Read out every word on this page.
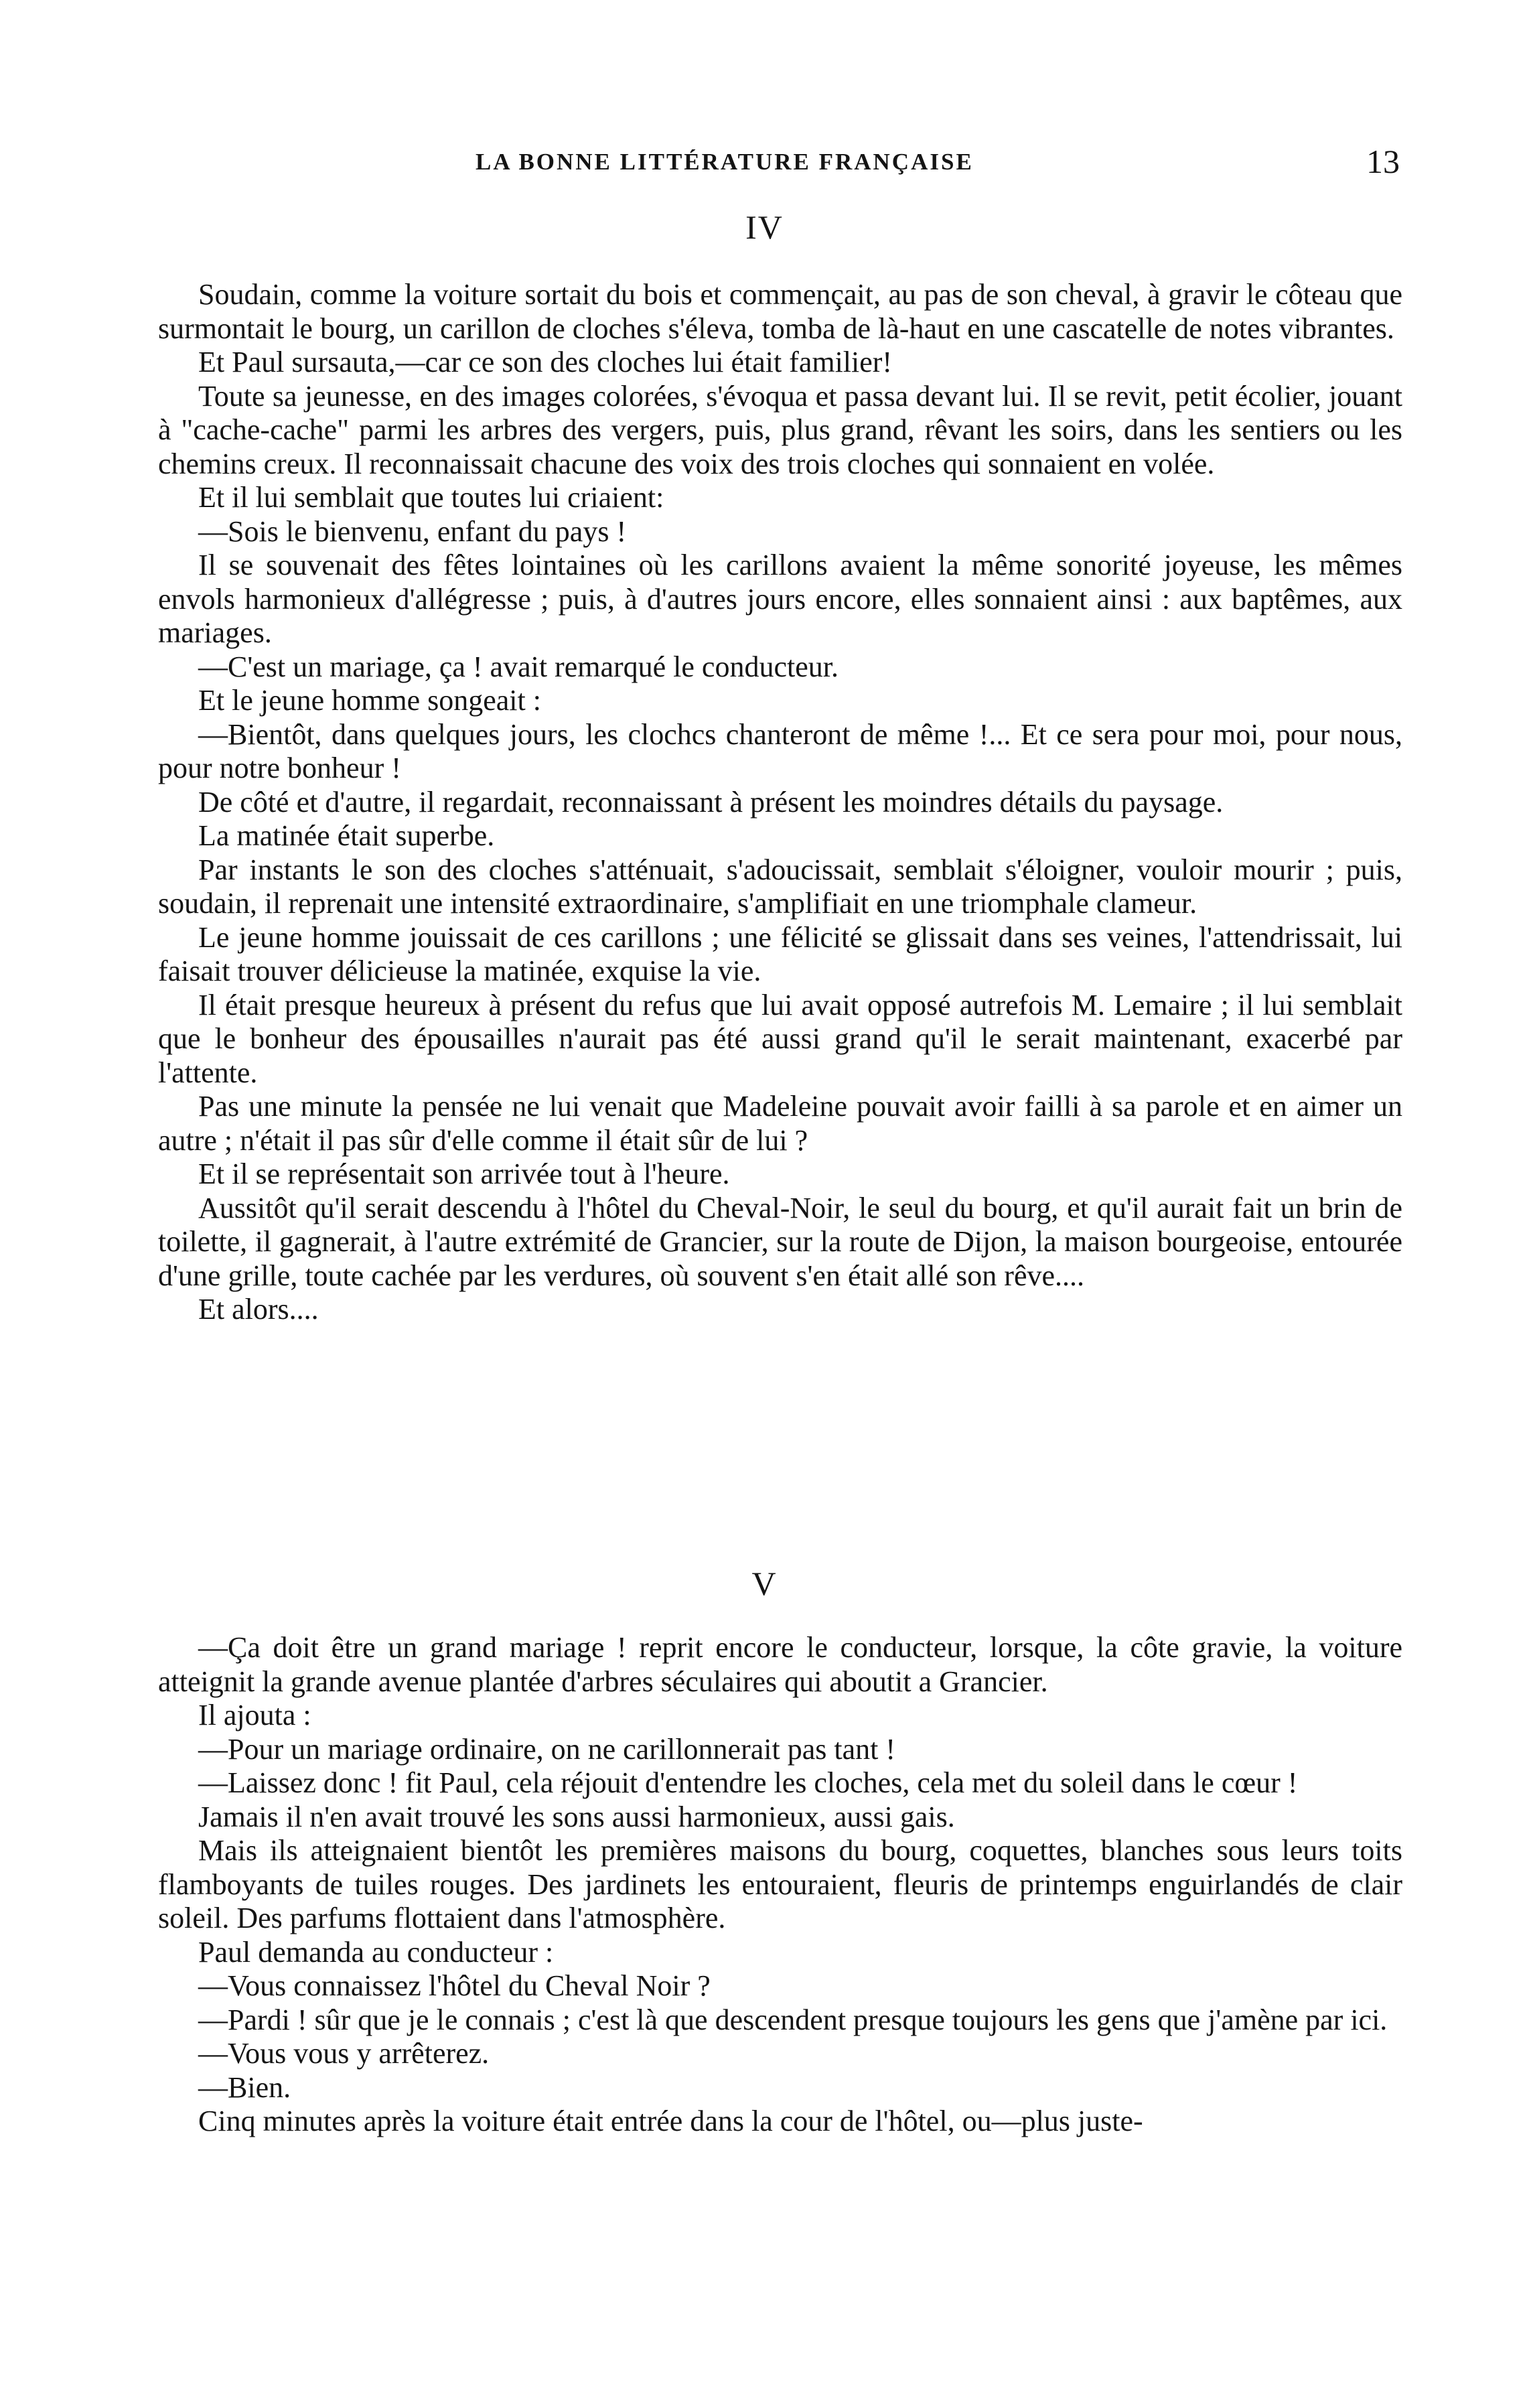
LA BONNE LITTÉRATURE FRANÇAISE	13
IV

Soudain, comme la voiture sortait du bois et commençait, au pas de son cheval, à gravir le côteau que surmontait le bourg, un carillon de cloches s'éleva, tomba de là-haut en une cascatelle de notes vibrantes.

Et Paul sursauta,—car ce son des cloches lui était familier!

Toute sa jeunesse, en des images colorées, s'évoqua et passa devant lui. Il se revit, petit écolier, jouant à "cache-cache" parmi les arbres des vergers, puis, plus grand, rêvant les soirs, dans les sentiers ou les chemins creux. Il reconnaissait chacune des voix des trois cloches qui sonnaient en volée.

Et il lui semblait que toutes lui criaient:

—Sois le bienvenu, enfant du pays !

Il se souvenait des fêtes lointaines où les carillons avaient la même sonorité joyeuse, les mêmes envols harmonieux d'allégresse ; puis, à d'autres jours encore, elles sonnaient ainsi : aux baptêmes, aux mariages.

—C'est un mariage, ça ! avait remarqué le conducteur.

Et le jeune homme songeait :

—Bientôt, dans quelques jours, les clochcs chanteront de même !... Et ce sera pour moi, pour nous, pour notre bonheur !

De côté et d'autre, il regardait, reconnaissant à présent les moindres détails du paysage.

La matinée était superbe.

Par instants le son des cloches s'atténuait, s'adoucissait, semblait s'éloigner, vouloir mourir ; puis, soudain, il reprenait une intensité extraordinaire, s'amplifiait en une triomphale clameur.

Le jeune homme jouissait de ces carillons ; une félicité se glissait dans ses veines, l'attendrissait, lui faisait trouver délicieuse la matinée, exquise la vie.

Il était presque heureux à présent du refus que lui avait opposé autrefois M. Lemaire ; il lui semblait que le bonheur des épousailles n'aurait pas été aussi grand qu'il le serait maintenant, exacerbé par l'attente.

Pas une minute la pensée ne lui venait que Madeleine pouvait avoir failli à sa parole et en aimer un autre ; n'était il pas sûr d'elle comme il était sûr de lui ?

Et il se représentait son arrivée tout à l'heure.

Aussitôt qu'il serait descendu à l'hôtel du Cheval-Noir, le seul du bourg, et qu'il aurait fait un brin de toilette, il gagnerait, à l'autre extrémité de Grancier, sur la route de Dijon, la maison bourgeoise, entourée d'une grille, toute cachée par les verdures, où souvent s'en était allé son rêve....

Et alors....

V

—Ça doit être un grand mariage ! reprit encore le conducteur, lorsque, la côte gravie, la voiture atteignit la grande avenue plantée d'arbres séculaires qui aboutit a Grancier.

Il ajouta :

—Pour un mariage ordinaire, on ne carillonnerait pas tant !

—Laissez donc ! fit Paul, cela réjouit d'entendre les cloches, cela met du soleil dans le cœur !

Jamais il n'en avait trouvé les sons aussi harmonieux, aussi gais.

Mais ils atteignaient bientôt les premières maisons du bourg, coquettes, blanches sous leurs toits flamboyants de tuiles rouges. Des jardinets les entouraient, fleuris de printemps enguirlandés de clair soleil. Des parfums flottaient dans l'atmosphère.

Paul demanda au conducteur :

—Vous connaissez l'hôtel du Cheval Noir ?

—Pardi ! sûr que je le connais ; c'est là que descendent presque toujours les gens que j'amène par ici.

—Vous vous y arrêterez.

—Bien.

Cinq minutes après la voiture était entrée dans la cour de l'hôtel, ou—plus juste-
